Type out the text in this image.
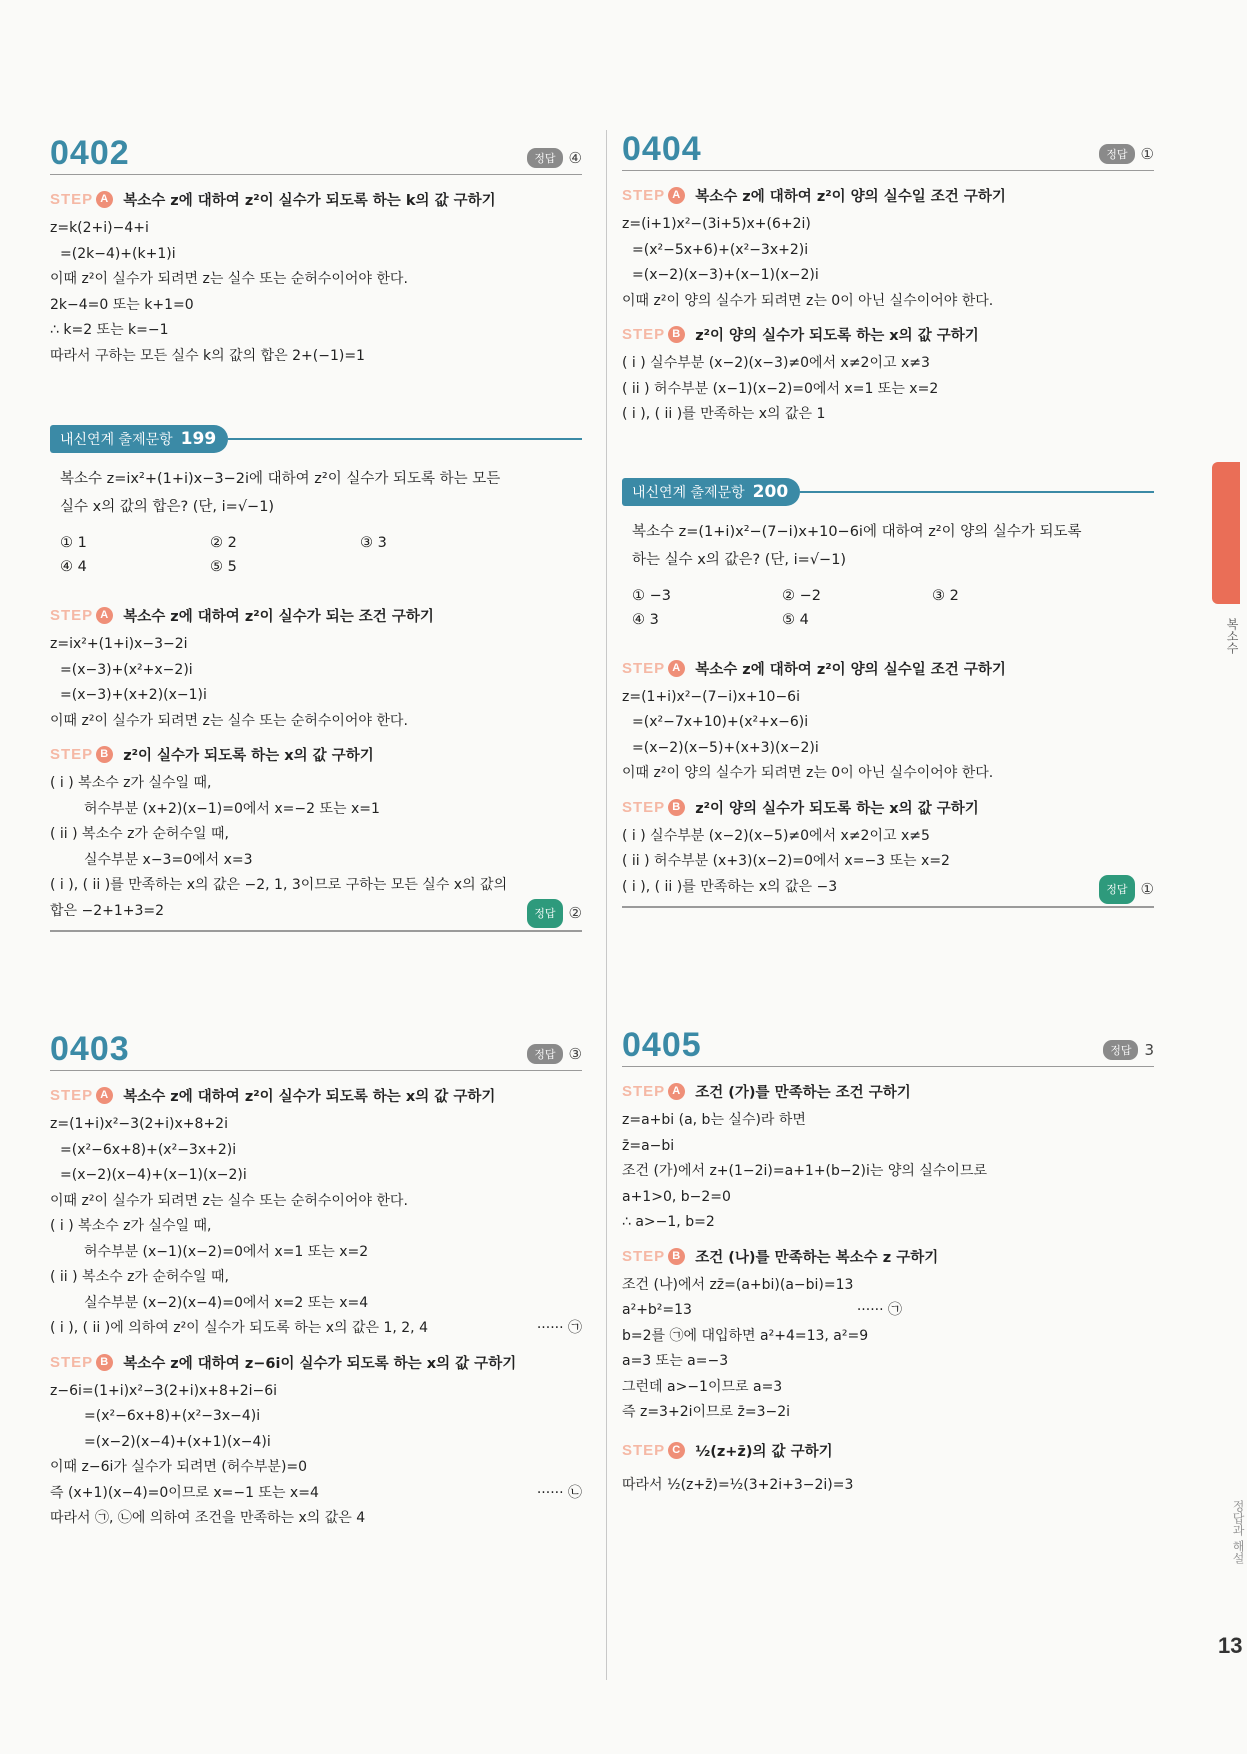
0402	정답 ④
STEP A 복소수 z에 대하여 z²이 실수가 되도록 하는 k의 값 구하기
z=k(2+i)−4+i
=(2k−4)+(k+1)i
이때 z²이 실수가 되려면 z는 실수 또는 순허수이어야 한다.
2k−4=0 또는 k+1=0
∴ k=2 또는 k=−1
따라서 구하는 모든 실수 k의 값의 합은 2+(−1)=1
내신연계 출제문항 199
복소수 z=ix²+(1+i)x−3−2i에 대하여 z²이 실수가 되도록 하는 모든
실수 x의 값의 합은? (단, i=√−1)
① 1	② 2	③ 3
④ 4	⑤ 5
STEP A 복소수 z에 대하여 z²이 실수가 되는 조건 구하기
z=ix²+(1+i)x−3−2i
=(x−3)+(x²+x−2)i
=(x−3)+(x+2)(x−1)i
이때 z²이 실수가 되려면 z는 실수 또는 순허수이어야 한다.
STEP B z²이 실수가 되도록 하는 x의 값 구하기
( i ) 복소수 z가 실수일 때,
허수부분 (x+2)(x−1)=0에서 x=−2 또는 x=1
( ii ) 복소수 z가 순허수일 때,
실수부분 x−3=0에서 x=3
( i ), ( ii )를 만족하는 x의 값은 −2, 1, 3이므로 구하는 모든 실수 x의 값의
합은 −2+1+3=2	정답 ②
0403	정답 ③
STEP A 복소수 z에 대하여 z²이 실수가 되도록 하는 x의 값 구하기
z=(1+i)x²−3(2+i)x+8+2i
=(x²−6x+8)+(x²−3x+2)i
=(x−2)(x−4)+(x−1)(x−2)i
이때 z²이 실수가 되려면 z는 실수 또는 순허수이어야 한다.
( i ) 복소수 z가 실수일 때,
허수부분 (x−1)(x−2)=0에서 x=1 또는 x=2
( ii ) 복소수 z가 순허수일 때,
실수부분 (x−2)(x−4)=0에서 x=2 또는 x=4
( i ), ( ii )에 의하여 z²이 실수가 되도록 하는 x의 값은 1, 2, 4	······ ㉠
STEP B 복소수 z에 대하여 z−6i이 실수가 되도록 하는 x의 값 구하기
z−6i=(1+i)x²−3(2+i)x+8+2i−6i
=(x²−6x+8)+(x²−3x−4)i
=(x−2)(x−4)+(x+1)(x−4)i
이때 z−6i가 실수가 되려면 (허수부분)=0
즉 (x+1)(x−4)=0이므로 x=−1 또는 x=4	······ ㉡
따라서 ㉠, ㉡에 의하여 조건을 만족하는 x의 값은 4
0404	정답 ①
STEP A 복소수 z에 대하여 z²이 양의 실수일 조건 구하기
z=(i+1)x²−(3i+5)x+(6+2i)
=(x²−5x+6)+(x²−3x+2)i
=(x−2)(x−3)+(x−1)(x−2)i
이때 z²이 양의 실수가 되려면 z는 0이 아닌 실수이어야 한다.
STEP B z²이 양의 실수가 되도록 하는 x의 값 구하기
( i ) 실수부분 (x−2)(x−3)≠0에서 x≠2이고 x≠3
( ii ) 허수부분 (x−1)(x−2)=0에서 x=1 또는 x=2
( i ), ( ii )를 만족하는 x의 값은 1
내신연계 출제문항 200
복소수 z=(1+i)x²−(7−i)x+10−6i에 대하여 z²이 양의 실수가 되도록
하는 실수 x의 값은? (단, i=√−1)
① −3	② −2	③ 2
④ 3	⑤ 4
STEP A 복소수 z에 대하여 z²이 양의 실수일 조건 구하기
z=(1+i)x²−(7−i)x+10−6i
=(x²−7x+10)+(x²+x−6)i
=(x−2)(x−5)+(x+3)(x−2)i
이때 z²이 양의 실수가 되려면 z는 0이 아닌 실수이어야 한다.
STEP B z²이 양의 실수가 되도록 하는 x의 값 구하기
( i ) 실수부분 (x−2)(x−5)≠0에서 x≠2이고 x≠5
( ii ) 허수부분 (x+3)(x−2)=0에서 x=−3 또는 x=2
( i ), ( ii )를 만족하는 x의 값은 −3	정답 ①
0405	정답 3
STEP A 조건 (가)를 만족하는 조건 구하기
z=a+bi (a, b는 실수)라 하면
z̄=a−bi
조건 (가)에서 z+(1−2i)=a+1+(b−2)i는 양의 실수이므로
a+1>0, b−2=0
∴ a>−1, b=2
STEP B 조건 (나)를 만족하는 복소수 z 구하기
조건 (나)에서 zz̄=(a+bi)(a−bi)=13
a²+b²=13	······ ㉠
b=2를 ㉠에 대입하면 a²+4=13, a²=9
a=3 또는 a=−3
그런데 a>−1이므로 a=3
즉 z=3+2i이므로 z̄=3−2i
STEP C ½(z+z̄)의 값 구하기
따라서 ½(z+z̄)=½(3+2i+3−2i)=3
복소수
정답과 해설
13
